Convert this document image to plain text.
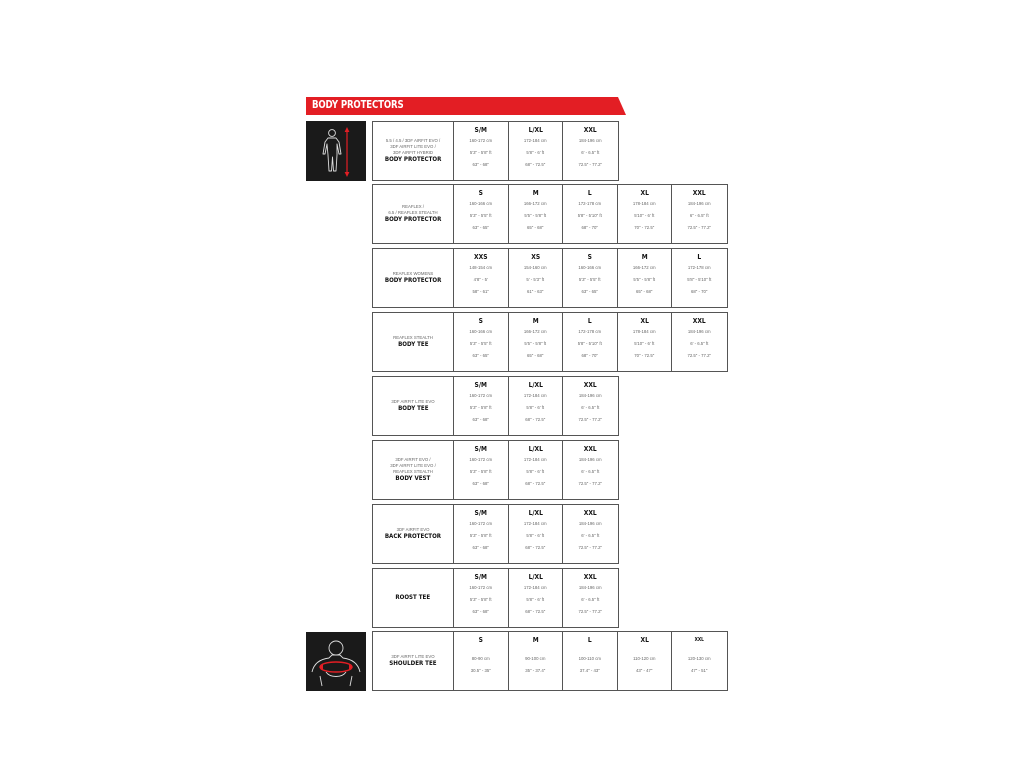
BODY PROTECTORS
5.5 / 4.5 / 3DF AIRFIT EVO /
3DF AIRFIT LITE EVO /
3DF AIRFIT HYBRID
BODY PROTECTOR
S/M
160-172 cm
5'3" - 5'8" ft
63" - 68"
L/XL
172-184 cm
5'8" - 6' ft
68" - 72.5"
XXL
184-196 cm
6' - 6.5" ft
72.5" - 77.2"
REAFLEX /
6.5 / REAFLEX STEALTH
BODY PROTECTOR
S
160-166 cm
5'3" - 5'5" ft
63" - 65"
M
166-172 cm
5'5" - 5'8" ft
65" - 68"
L
172-178 cm
5'8" - 5'10" ft
68" - 70"
XL
178-184 cm
5'10" - 6' ft
70" - 72.5"
XXL
184-196 cm
6" - 6.5" ft
72.5" - 77.2"
REAFLEX WOMENS
BODY PROTECTOR
XXS
148-154 cm
4'8" - 5'
58" - 61"
XS
154-160 cm
5' - 5'3" ft
61" - 63"
S
160-166 cm
5'3" - 5'5" ft
63" - 65"
M
166-172 cm
5'5" - 5'8" ft
65" - 68"
L
172-178 cm
5'8" - 5'10" ft
68" - 70"
REAFLEX STEALTH
BODY TEE
S
160-166 cm
5'3" - 5'5" ft
63" - 65"
M
166-172 cm
5'5" - 5'8" ft
65" - 68"
L
172-178 cm
5'8" - 5'10" ft
68" - 70"
XL
178-184 cm
5'10" - 6' ft
70" - 72.5"
XXL
184-196 cm
6' - 6.5" ft
72.5" - 77.2"
3DF AIRFIT LITE EVO
BODY TEE
S/M
160-172 cm
5'3" - 5'8" ft
63" - 68"
L/XL
172-184 cm
5'8" - 6' ft
68" - 72.5"
XXL
184-196 cm
6' - 6.5" ft
72.5" - 77.2"
3DF AIRFIT EVO /
3DF AIRFIT LITE EVO /
REAFLEX STEALTH
BODY VEST
S/M
160-172 cm
5'3" - 5'8" ft
63" - 68"
L/XL
172-184 cm
5'8" - 6' ft
68" - 72.5"
XXL
184-196 cm
6' - 6.5" ft
72.5" - 77.2"
3DF AIRFIT EVO
BACK PROTECTOR
S/M
160-172 cm
5'3" - 5'8" ft
63" - 68"
L/XL
172-184 cm
5'8" - 6' ft
68" - 72.5"
XXL
184-196 cm
6' - 6.5" ft
72.5" - 77.2"
ROOST TEE
S/M
160-172 cm
5'3" - 5'8" ft
63" - 68"
L/XL
172-184 cm
5'8" - 6' ft
68" - 72.5"
XXL
184-196 cm
6' - 6.5" ft
72.5" - 77.2"
3DF AIRFIT LITE EVO
SHOULDER TEE
S
80-90 cm
30.5" - 35"
M
90-100 cm
35" - 37.4"
L
100-110 cm
37.4" - 43"
XL
110-120 cm
43" - 47"
XXL
120-130 cm
47" - 51"
